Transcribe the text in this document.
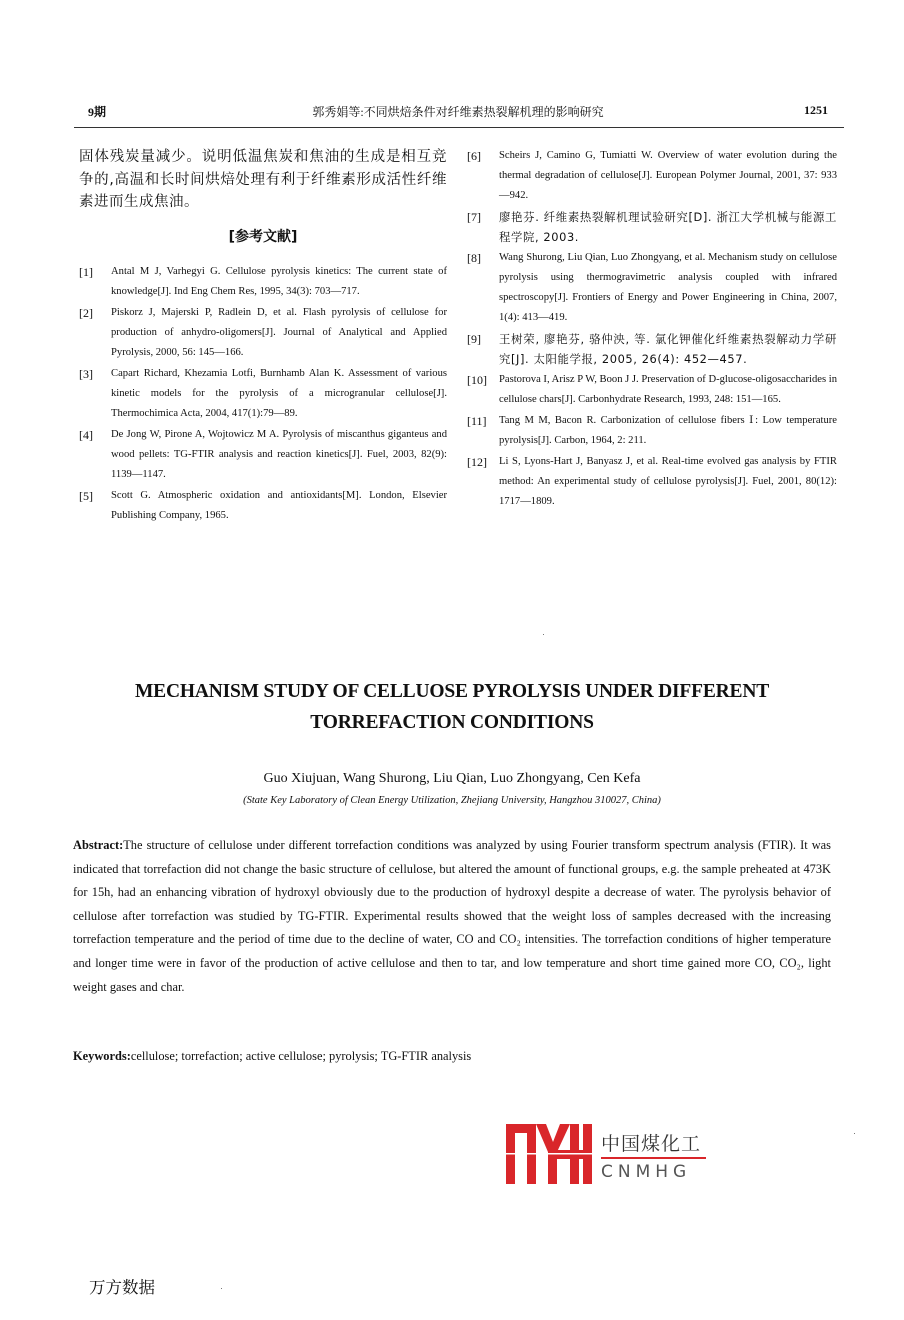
9期	郭秀娟等:不同烘焙条件对纤维素热裂解机理的影响研究	1251

固体残炭量减少。说明低温焦炭和焦油的生成是相互竞争的,高温和长时间烘焙处理有利于纤维素形成活性纤维素进而生成焦油。

[参考文献]
[1] Antal M J, Varhegyi G. Cellulose pyrolysis kinetics: The current state of knowledge[J]. Ind Eng Chem Res, 1995, 34(3): 703—717.
[2] Piskorz J, Majerski P, Radlein D, et al. Flash pyrolysis of cellulose for production of anhydro-oligomers[J]. Journal of Analytical and Applied Pyrolysis, 2000, 56: 145—166.
[3] Capart Richard, Khezamia Lotfi, Burnhamb Alan K. Assessment of various kinetic models for the pyrolysis of a microgranular cellulose[J]. Thermochimica Acta, 2004, 417(1):79—89.
[4] De Jong W, Pirone A, Wojtowicz M A. Pyrolysis of miscanthus giganteus and wood pellets: TG-FTIR analysis and reaction kinetics[J]. Fuel, 2003, 82(9): 1139—1147.
[5] Scott G. Atmospheric oxidation and antioxidants[M]. London, Elsevier Publishing Company, 1965.
[6] Scheirs J, Camino G, Tumiatti W. Overview of water evolution during the thermal degradation of cellulose[J]. European Polymer Journal, 2001, 37: 933—942.
[7] 廖艳芬. 纤维素热裂解机理试验研究[D]. 浙江大学机械与能源工程学院, 2003.
[8] Wang Shurong, Liu Qian, Luo Zhongyang, et al. Mechanism study on cellulose pyrolysis using thermogravimetric analysis coupled with infrared spectroscopy[J]. Frontiers of Energy and Power Engineering in China, 2007, 1(4): 413—419.
[9] 王树荣, 廖艳芬, 骆仲泱, 等. 氯化钾催化纤维素热裂解动力学研究[J]. 太阳能学报, 2005, 26(4): 452—457.
[10] Pastorova I, Arisz P W, Boon J J. Preservation of D-glucose-oligosaccharides in cellulose chars[J]. Carbonhydrate Research, 1993, 248: 151—165.
[11] Tang M M, Bacon R. Carbonization of cellulose fibers Ⅰ: Low temperature pyrolysis[J]. Carbon, 1964, 2: 211.
[12] Li S, Lyons-Hart J, Banyasz J, et al. Real-time evolved gas analysis by FTIR method: An experimental study of cellulose pyrolysis[J]. Fuel, 2001, 80(12): 1717—1809.
MECHANISM STUDY OF CELLUOSE PYROLYSIS UNDER DIFFERENT
TORREFACTION CONDITIONS
Guo Xiujuan, Wang Shurong, Liu Qian, Luo Zhongyang, Cen Kefa
(State Key Laboratory of Clean Energy Utilization, Zhejiang University, Hangzhou 310027, China)
Abstract:The structure of cellulose under different torrefaction conditions was analyzed by using Fourier transform spectrum analysis (FTIR). It was indicated that torrefaction did not change the basic structure of cellulose, but altered the amount of functional groups, e.g. the sample preheated at 473K for 15h, had an enhancing vibration of hydroxyl obviously due to the production of hydroxyl despite a decrease of water. The pyrolysis behavior of cellulose after torrefaction was studied by TG-FTIR. Experimental results showed that the weight loss of samples decreased with the increasing torrefaction temperature and the period of time due to the decline of water, CO and CO₂ intensities. The torrefaction conditions of higher temperature and longer time were in favor of the production of active cellulose and then to tar, and low temperature and short time gained more CO, CO₂, light weight gases and char.
Keywords:cellulose; torrefaction; active cellulose; pyrolysis; TG-FTIR analysis
中国煤化工
CNMHG
万方数据
